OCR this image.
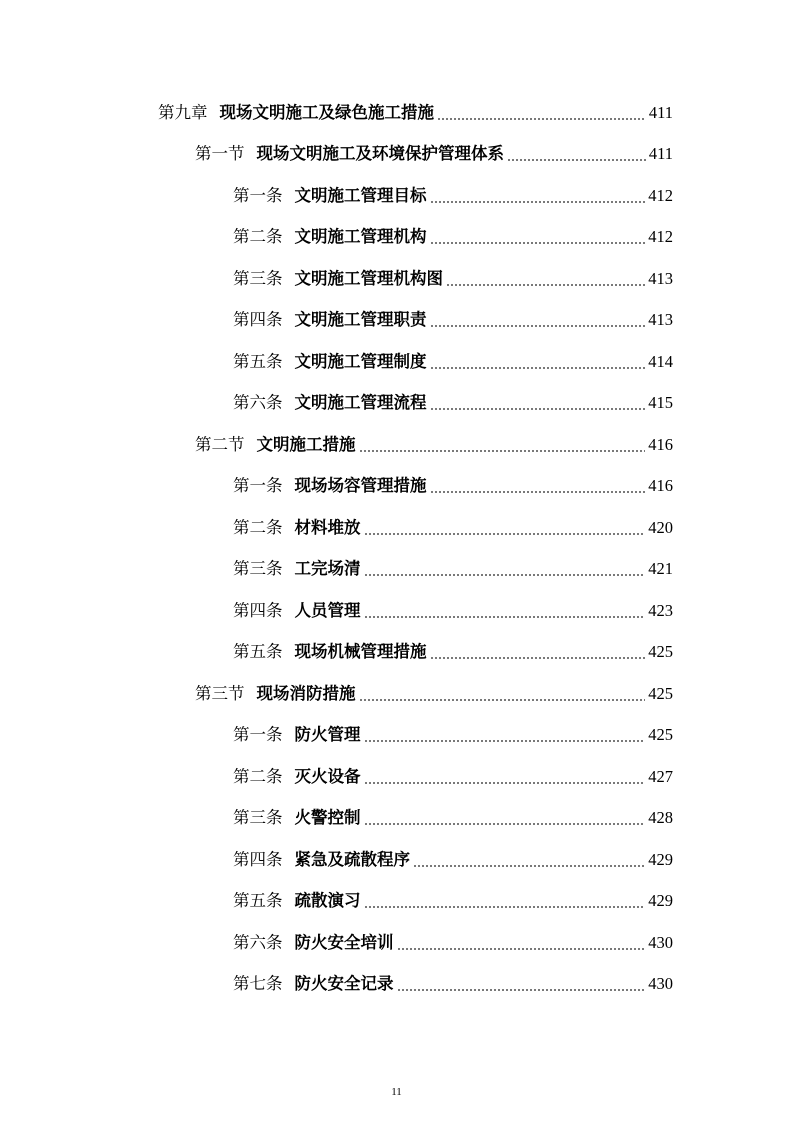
第九章 现场文明施工及绿色施工措施	411
第一节 现场文明施工及环境保护管理体系	411
第一条 文明施工管理目标	412
第二条 文明施工管理机构	412
第三条 文明施工管理机构图	413
第四条 文明施工管理职责	413
第五条 文明施工管理制度	414
第六条 文明施工管理流程	415
第二节 文明施工措施	416
第一条 现场场容管理措施	416
第二条 材料堆放	420
第三条 工完场清	421
第四条 人员管理	423
第五条 现场机械管理措施	425
第三节 现场消防措施	425
第一条 防火管理	425
第二条 灭火设备	427
第三条 火警控制	428
第四条 紧急及疏散程序	429
第五条 疏散演习	429
第六条 防火安全培训	430
第七条 防火安全记录	430
11
